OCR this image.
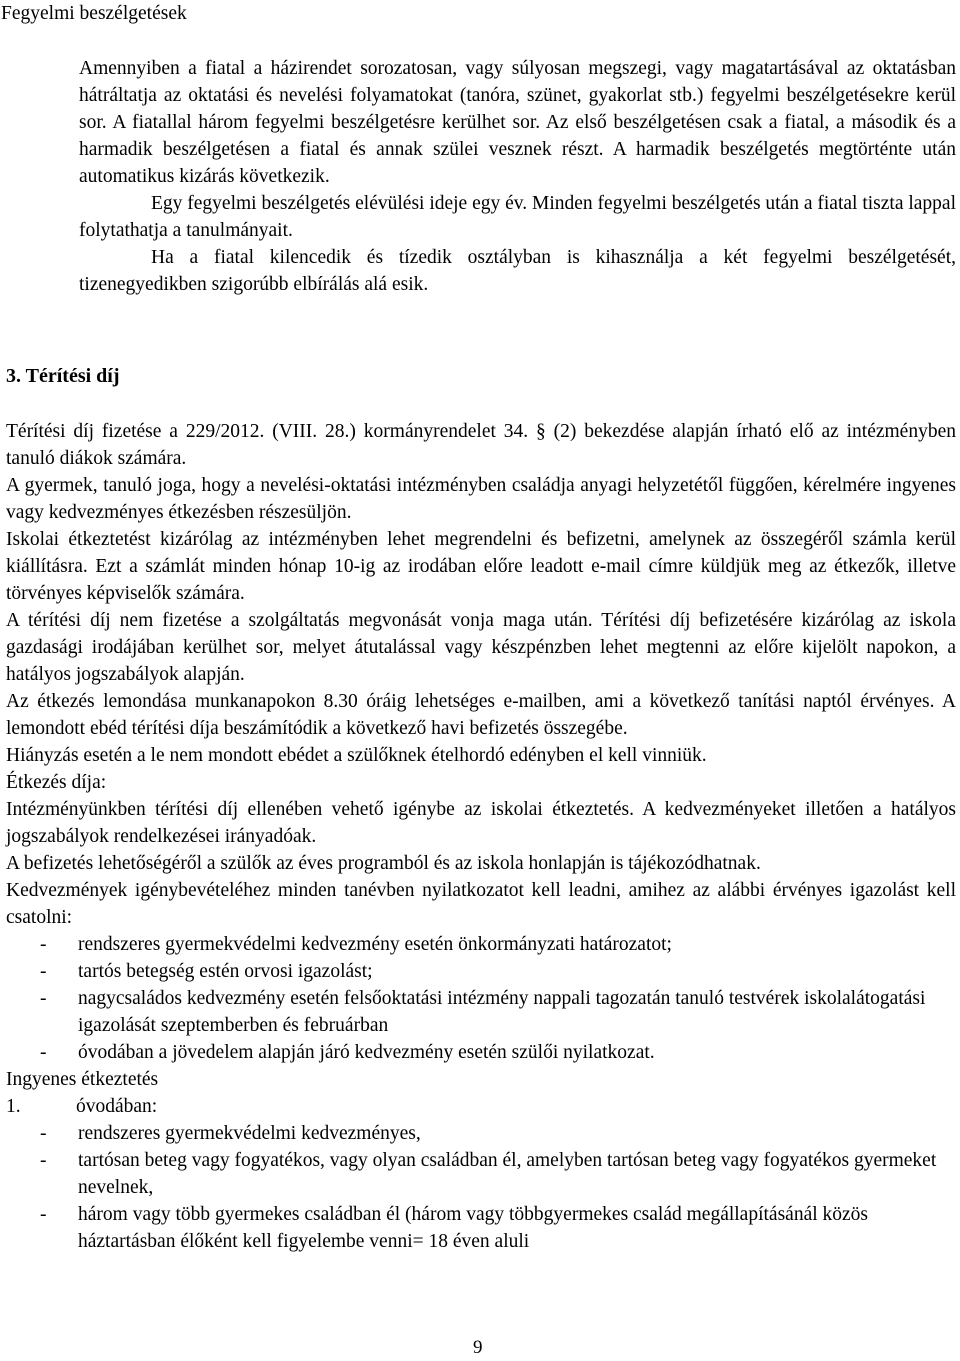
Fegyelmi beszélgetések

Amennyiben a fiatal a házirendet sorozatosan, vagy súlyosan megszegi, vagy magatartásával az oktatásban hátráltatja az oktatási és nevelési folyamatokat (tanóra, szünet, gyakorlat stb.) fegyelmi beszélgetésekre kerül sor. A fiatallal három fegyelmi beszélgetésre kerülhet sor. Az első beszélgetésen csak a fiatal, a második és a harmadik beszélgetésen a fiatal és annak szülei vesznek részt. A harmadik beszélgetés megtörténte után automatikus kizárás következik.

Egy fegyelmi beszélgetés elévülési ideje egy év. Minden fegyelmi beszélgetés után a fiatal tiszta lappal folytathatja a tanulmányait.

Ha a fiatal kilencedik és tízedik osztályban is kihasználja a két fegyelmi beszélgetését, tizenegyedikben szigorúbb elbírálás alá esik.

3. Térítési díj

Térítési díj fizetése a 229/2012. (VIII. 28.) kormányrendelet 34. § (2) bekezdése alapján írható elő az intézményben tanuló diákok számára.

A gyermek, tanuló joga, hogy a nevelési-oktatási intézményben családja anyagi helyzetétől függően, kérelmére ingyenes vagy kedvezményes étkezésben részesüljön.

Iskolai étkeztetést kizárólag az intézményben lehet megrendelni és befizetni, amelynek az összegéről számla kerül kiállításra. Ezt a számlát minden hónap 10-ig az irodában előre leadott e-mail címre küldjük meg az étkezők, illetve törvényes képviselők számára.

A térítési díj nem fizetése a szolgáltatás megvonását vonja maga után. Térítési díj befizetésére kizárólag az iskola gazdasági irodájában kerülhet sor, melyet átutalással vagy készpénzben lehet megtenni az előre kijelölt napokon, a hatályos jogszabályok alapján.

Az étkezés lemondása munkanapokon 8.30 óráig lehetséges e-mailben, ami a következő tanítási naptól érvényes. A lemondott ebéd térítési díja beszámítódik a következő havi befizetés összegébe.

Hiányzás esetén a le nem mondott ebédet a szülőknek ételhordó edényben el kell vinniük.

Étkezés díja:

Intézményünkben térítési díj ellenében vehető igénybe az iskolai étkeztetés. A kedvezményeket illetően a hatályos jogszabályok rendelkezései irányadóak.

A befizetés lehetőségéről a szülők az éves programból és az iskola honlapján is tájékozódhatnak.

Kedvezmények igénybevételéhez minden tanévben nyilatkozatot kell leadni, amihez az alábbi érvényes igazolást kell csatolni:

-	rendszeres gyermekvédelmi kedvezmény esetén önkormányzati határozatot;
-	tartós betegség estén orvosi igazolást;
-	nagycsaládos kedvezmény esetén felsőoktatási intézmény nappali tagozatán tanuló testvérek iskolalátogatási igazolását szeptemberben és februárban
-	óvodában a jövedelem alapján járó kedvezmény esetén szülői nyilatkozat.

Ingyenes étkeztetés

1.	óvodában:
-	rendszeres gyermekvédelmi kedvezményes,
-	tartósan beteg vagy fogyatékos, vagy olyan családban él, amelyben tartósan beteg vagy fogyatékos gyermeket nevelnek,
-	három vagy több gyermekes családban él (három vagy többgyermekes család megállapításánál közös háztartásban élőként kell figyelembe venni= 18 éven aluli
9
